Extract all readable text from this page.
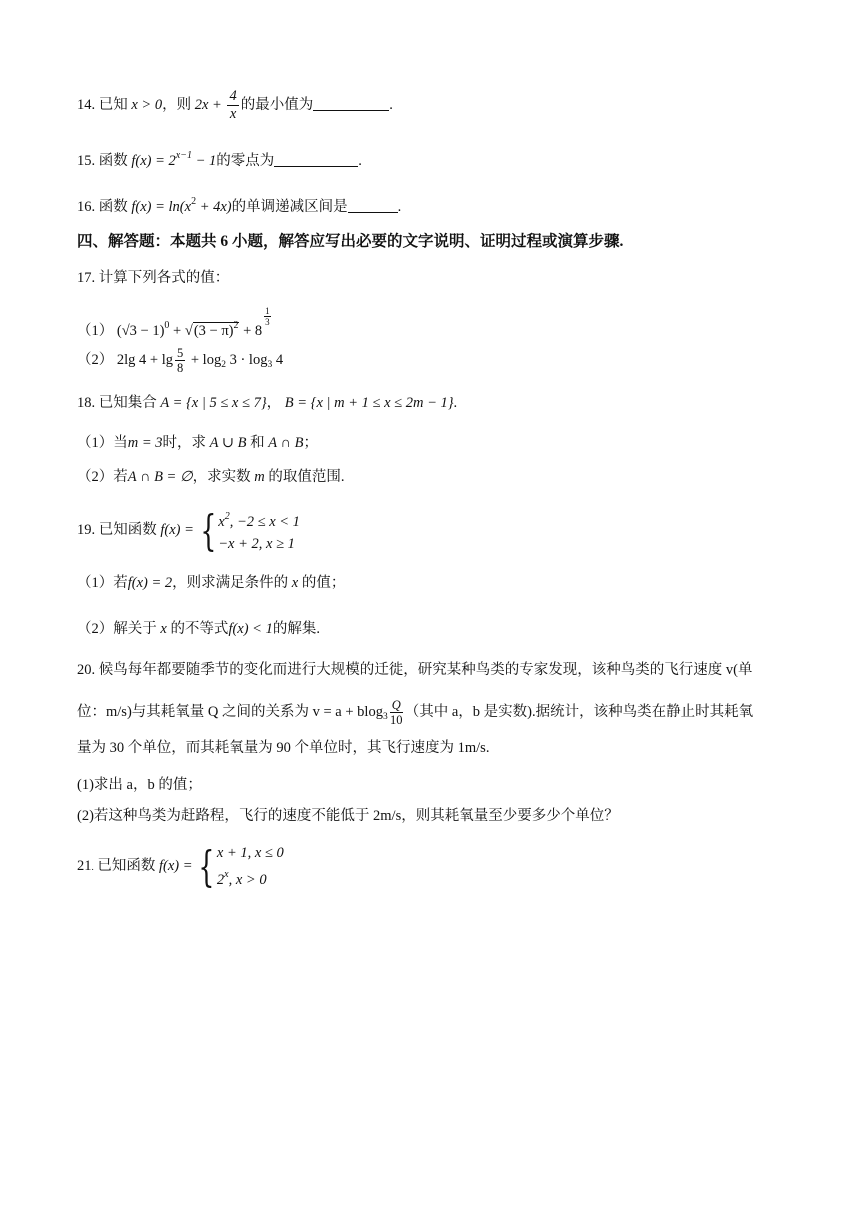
14. 已知 x > 0，则 $2x + \frac{4}{x}$ 的最小值为	.
15. 函数 $f(x) = 2^{x-1} - 1$的零点为	.
16. 函数 $f(x) = \ln(x^2 + 4x)$的单调递减区间是	.
四、解答题：本题共 6 小题，解答应写出必要的文字说明、证明过程或演算步骤.
17. 计算下列各式的值：
（1） $(√3 - 1)^0 + √(3 - \pi)^2 + 8$
$\frac{1}{3}$
（2） 2lg $4 + \lg \frac{5}{8} + \log_2 3 \cdot \log_3 4$
18. 已知集合 A = {x | 5 ≤ x ≤ 7}， B = {x | m + 1 ≤ x ≤ 2m − 1}.
（1）当m = 3时，求 A ∪ B 和 A ∩ B；
（2）若A ∩ B = ∅，求实数 m 的取值范围.
19. 已知函数 f(x) = { $x^2$, −2 ≤ x < 1
−x + 2, x ≥ 1
（1）若f(x) = 2，则求满足条件的 x 的值；
（2）解关于 x 的不等式f(x) < 1的解集.
20. 候鸟每年都要随季节的变化而进行大规模的迁徙，研究某种鸟类的专家发现，该种鸟类的飞行速度 v(单
位：m/s)与其耗氧量 Q 之间的关系为 $v = a + blog_3 \frac{Q}{10}$ （其中 a，b 是实数).据统计，该种鸟类在静止时其耗氧
量为 30 个单位，而其耗氧量为 90 个单位时，其飞行速度为 1m/s.
(1)求出 a，b 的值；
(2)若这种鸟类为赶路程，飞行的速度不能低于 2m/s，则其耗氧量至少要多少个单位？
21. 已知函数 f(x) = { x + 1, x ≤ 0
2$^x$, x > 0
